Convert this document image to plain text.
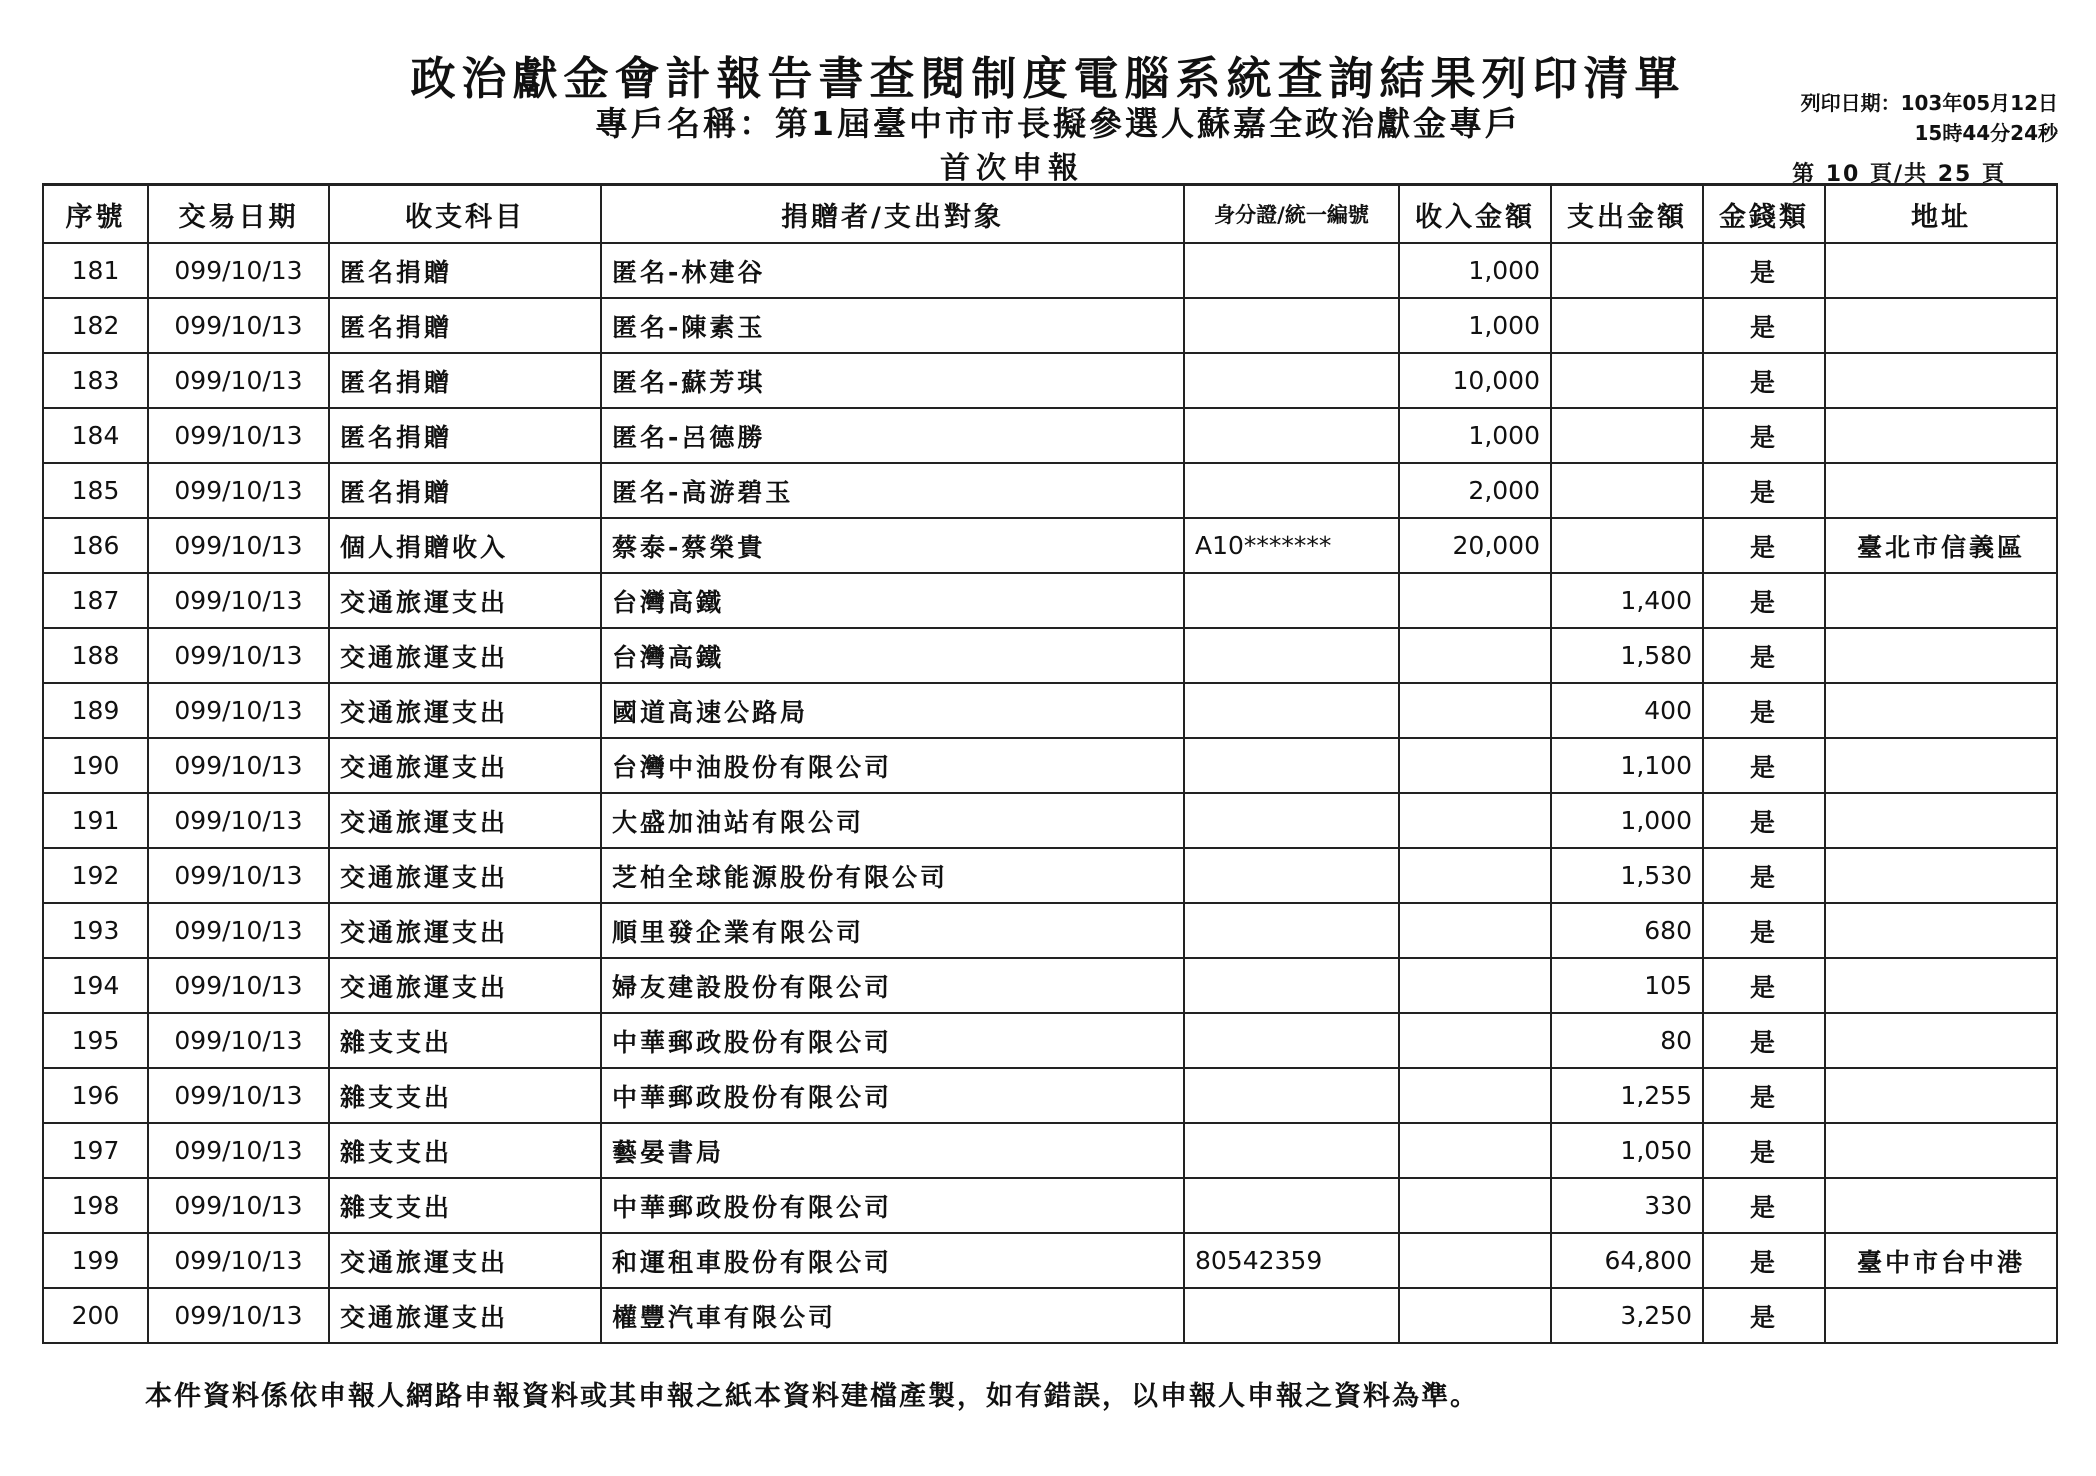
政治獻金會計報告書查閱制度電腦系統查詢結果列印清單
專戶名稱：第1屆臺中市市長擬參選人蘇嘉全政治獻金專戶
首次申報
列印日期：103年05月12日
15時44分24秒
第 10 頁/共 25 頁
序號	交易日期	收支科目	捐贈者/支出對象	身分證/統一編號	收入金額	支出金額	金錢類	地址
181	099/10/13	匿名捐贈	匿名-林建谷		1,000		是	
182	099/10/13	匿名捐贈	匿名-陳素玉		1,000		是	
183	099/10/13	匿名捐贈	匿名-蘇芳琪		10,000		是	
184	099/10/13	匿名捐贈	匿名-呂德勝		1,000		是	
185	099/10/13	匿名捐贈	匿名-高游碧玉		2,000		是	
186	099/10/13	個人捐贈收入	蔡泰-蔡榮貴	A10*******	20,000		是	臺北市信義區
187	099/10/13	交通旅運支出	台灣高鐵			1,400	是	
188	099/10/13	交通旅運支出	台灣高鐵			1,580	是	
189	099/10/13	交通旅運支出	國道高速公路局			400	是	
190	099/10/13	交通旅運支出	台灣中油股份有限公司			1,100	是	
191	099/10/13	交通旅運支出	大盛加油站有限公司			1,000	是	
192	099/10/13	交通旅運支出	芝柏全球能源股份有限公司			1,530	是	
193	099/10/13	交通旅運支出	順里發企業有限公司			680	是	
194	099/10/13	交通旅運支出	婦友建設股份有限公司			105	是	
195	099/10/13	雜支支出	中華郵政股份有限公司			80	是	
196	099/10/13	雜支支出	中華郵政股份有限公司			1,255	是	
197	099/10/13	雜支支出	藝晏書局			1,050	是	
198	099/10/13	雜支支出	中華郵政股份有限公司			330	是	
199	099/10/13	交通旅運支出	和運租車股份有限公司	80542359		64,800	是	臺中市台中港
200	099/10/13	交通旅運支出	權豐汽車有限公司			3,250	是	
本件資料係依申報人網路申報資料或其申報之紙本資料建檔產製，如有錯誤，以申報人申報之資料為準。
